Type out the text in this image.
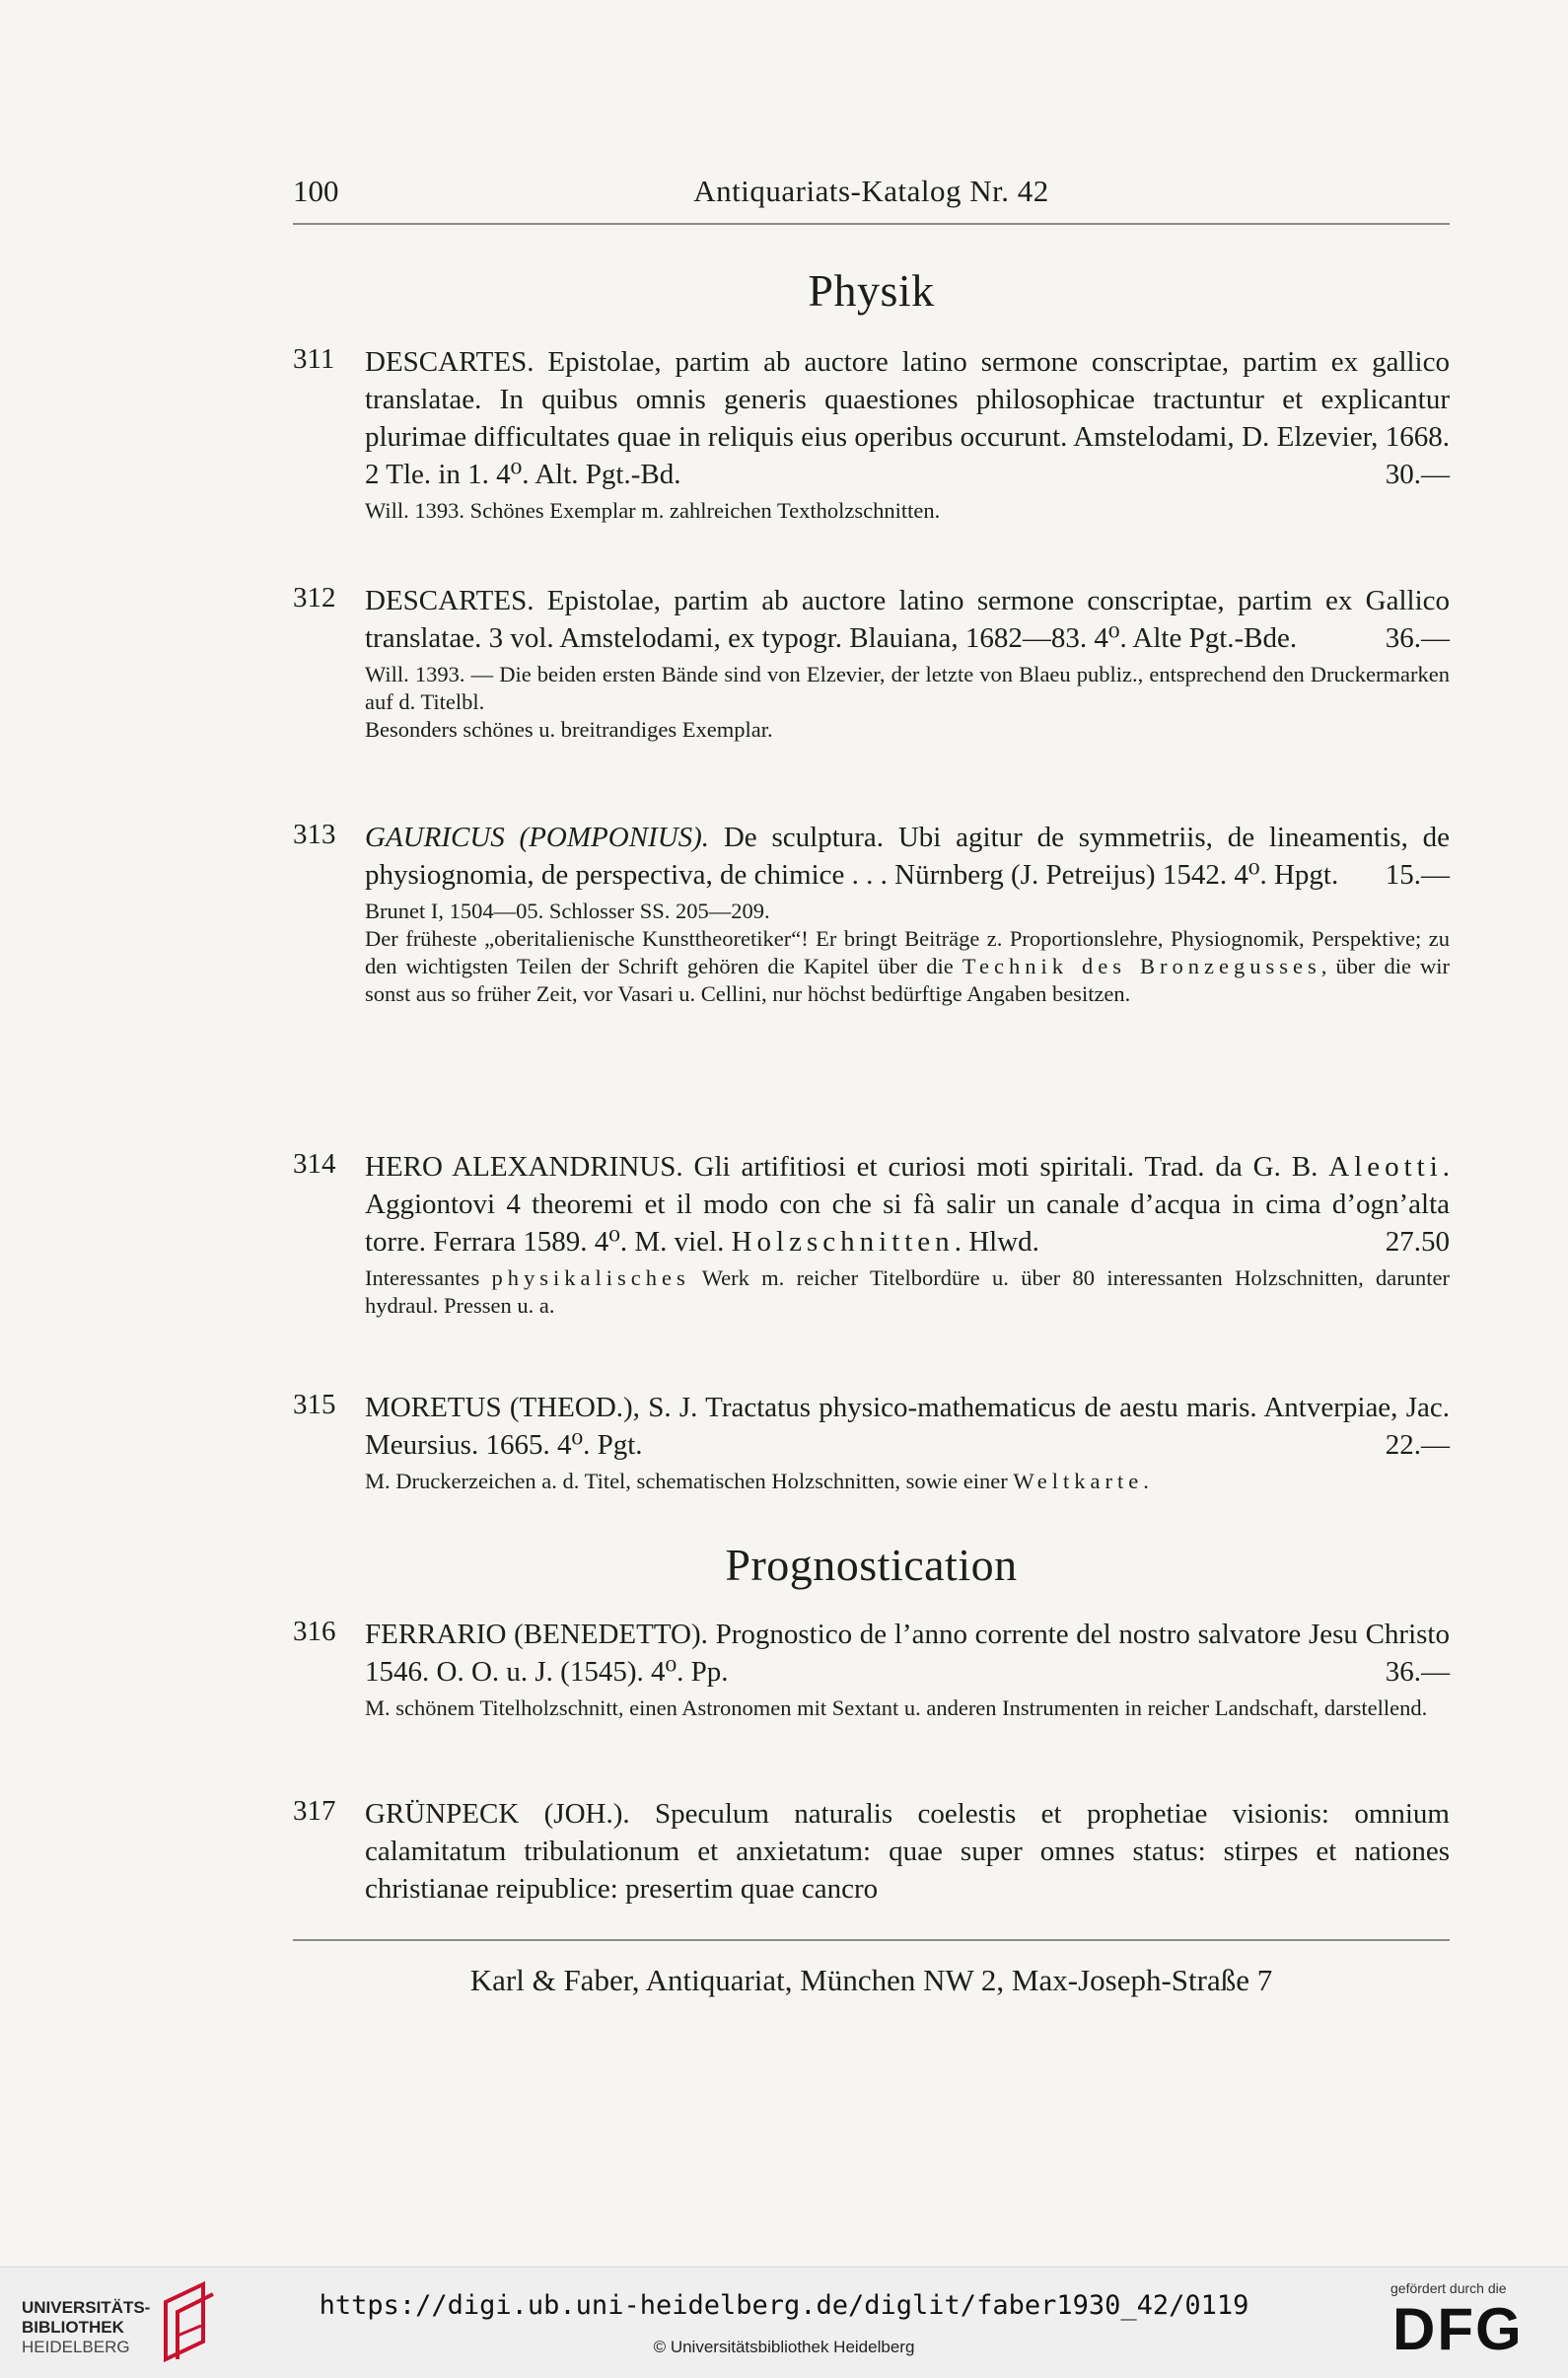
100	Antiquariats-Katalog Nr. 42
Physik
311 DESCARTES. Epistolae, partim ab auctore latino sermone conscriptae, partim ex gallico translatae. In quibus omnis generis quaestiones philosophicae tractuntur et explicantur plurimae difficultates quae in reliquis eius operibus occurunt. Amstelodami, D. Elzevier, 1668. 2 Tle. in 1. 4⁰. Alt. Pgt.-Bd.	30.—

Will. 1393. Schönes Exemplar m. zahlreichen Textholzschnitten.

312 DESCARTES. Epistolae, partim ab auctore latino sermone conscriptae, partim ex Gallico translatae. 3 vol. Amstelodami, ex typogr. Blauiana, 1682—83. 4⁰. Alte Pgt.-Bde.	36.—

Will. 1393. — Die beiden ersten Bände sind von Elzevier, der letzte von Blaeu publiz., entsprechend den Druckermarken auf d. Titelbl.

Besonders schönes u. breitrandiges Exemplar.

313 GAURICUS (POMPONIUS). De sculptura. Ubi agitur de symmetriis, de lineamentis, de physiognomia, de perspectiva, de chimice . . . Nürnberg (J. Petreijus) 1542. 4⁰. Hpgt. 15.—

Brunet I, 1504—05. Schlosser SS. 205—209.

Der früheste „oberitalienische Kunsttheoretiker“! Er bringt Beiträge z. Proportionslehre, Physiognomik, Perspektive; zu den wichtigsten Teilen der Schrift gehören die Kapitel über die Technik des Bronzegusses, über die wir sonst aus so früher Zeit, vor Vasari u. Cellini, nur höchst bedürftige Angaben besitzen.

314 HERO ALEXANDRINUS. Gli artifitiosi et curiosi moti spiritali. Trad. da G. B. Aleotti. Aggiontovi 4 theoremi et il modo con che si fà salir un canale d’acqua in cima d’ogn’alta torre. Ferrara 1589. 4⁰. M. viel. Holzschnitten. Hlwd.	27.50

Interessantes physikalisches Werk m. reicher Titelbordüre u. über 80 interessanten Holzschnitten, darunter hydraul. Pressen u. a.

315 MORETUS (THEOD.), S. J. Tractatus physico-mathematicus de aestu maris. Antverpiae, Jac. Meursius. 1665. 4⁰. Pgt.	22.—

M. Druckerzeichen a. d. Titel, schematischen Holzschnitten, sowie einer Weltkarte.

Prognostication
316 FERRARIO (BENEDETTO). Prognostico de l’anno corrente del nostro salvatore Jesu Christo 1546. O. O. u. J. (1545). 4⁰. Pp.	36.—

M. schönem Titelholzschnitt, einen Astronomen mit Sextant u. anderen Instrumenten in reicher Landschaft, darstellend.

317 GRÜNPECK (JOH.). Speculum naturalis coelestis et prophetiae visionis: omnium calamitatum tribulationum et anxietatum: quae super omnes status: stirpes et nationes christianae reipublice: presertim quae cancro
Karl & Faber, Antiquariat, München NW 2, Max-Joseph-Straße 7
UNIVERSITÄTS-
BIBLIOTHEK
HEIDELBERG
https://digi.ub.uni-heidelberg.de/diglit/faber1930_42/0119
© Universitätsbibliothek Heidelberg
gefördert durch die
DFG
